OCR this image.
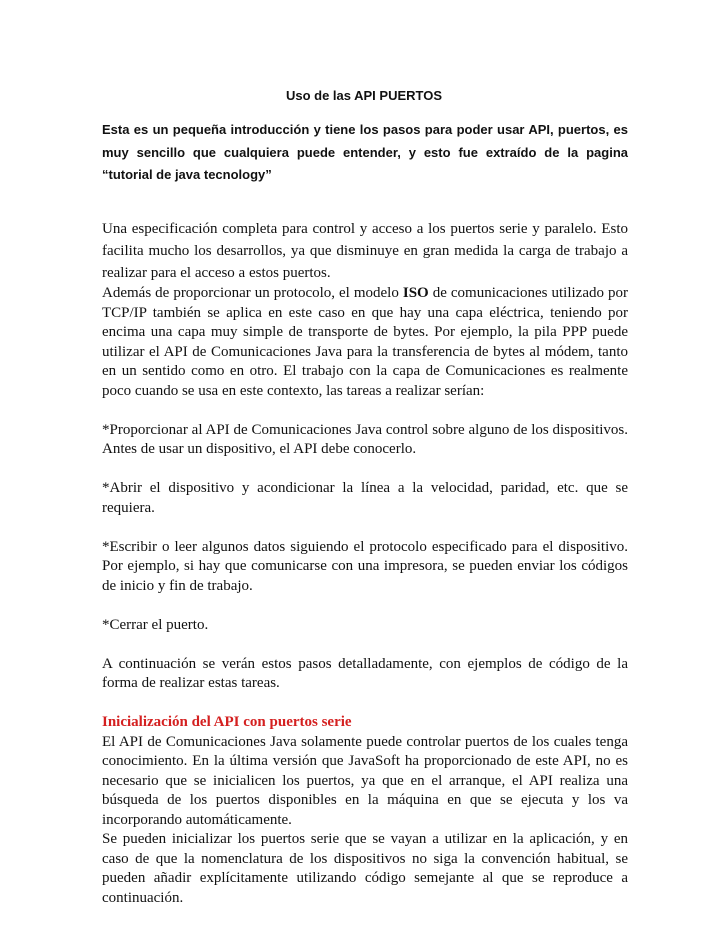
Uso de las API PUERTOS

Esta es un pequeña introducción y tiene los pasos para poder usar API, puertos, es muy sencillo que cualquiera puede entender, y esto fue extraído de la pagina “tutorial de java tecnology”

Una especificación completa para control y acceso a los puertos serie y paralelo. Esto facilita mucho los desarrollos, ya que disminuye en gran medida la carga de trabajo a realizar para el acceso a estos puertos.

Además de proporcionar un protocolo, el modelo ISO de comunicaciones utilizado por TCP/IP también se aplica en este caso en que hay una capa eléctrica, teniendo por encima una capa muy simple de transporte de bytes. Por ejemplo, la pila PPP puede utilizar el API de Comunicaciones Java para la transferencia de bytes al módem, tanto en un sentido como en otro. El trabajo con la capa de Comunicaciones es realmente poco cuando se usa en este contexto, las tareas a realizar serían:

*Proporcionar al API de Comunicaciones Java control sobre alguno de los dispositivos. Antes de usar un dispositivo, el API debe conocerlo.

*Abrir el dispositivo y acondicionar la línea a la velocidad, paridad, etc. que se requiera.

*Escribir o leer algunos datos siguiendo el protocolo especificado para el dispositivo. Por ejemplo, si hay que comunicarse con una impresora, se pueden enviar los códigos de inicio y fin de trabajo.

*Cerrar el puerto.

A continuación se verán estos pasos detalladamente, con ejemplos de código de la forma de realizar estas tareas.

Inicialización del API con puertos serie

El API de Comunicaciones Java solamente puede controlar puertos de los cuales tenga conocimiento. En la última versión que JavaSoft ha proporcionado de este API, no es necesario que se inicialicen los puertos, ya que en el arranque, el API realiza una búsqueda de los puertos disponibles en la máquina en que se ejecuta y los va incorporando automáticamente.

Se pueden inicializar los puertos serie que se vayan a utilizar en la aplicación, y en caso de que la nomenclatura de los dispositivos no siga la convención habitual, se pueden añadir explícitamente utilizando código semejante al que se reproduce a continuación.
